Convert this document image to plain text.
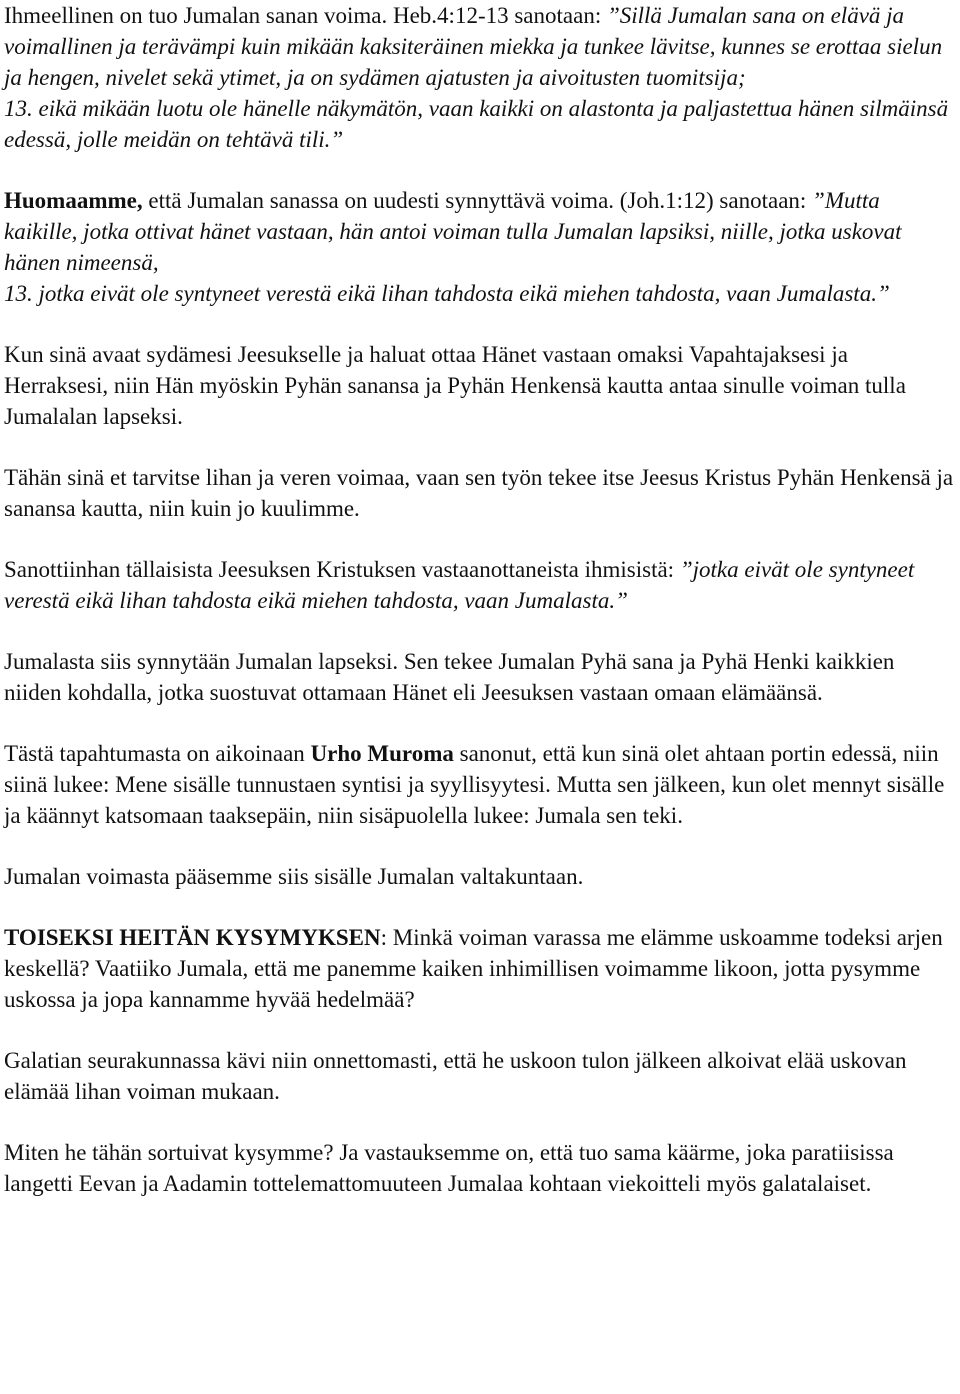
Ihmeellinen on tuo Jumalan sanan voima. Heb.4:12-13 sanotaan: ”Sillä Jumalan sana on elävä ja voimallinen ja terävämpi kuin mikään kaksiteräinen miekka ja tunkee lävitse, kunnes se erottaa sielun ja hengen, nivelet sekä ytimet, ja on sydämen ajatusten ja aivoitusten tuomitsija;

13. eikä mikään luotu ole hänelle näkymätön, vaan kaikki on alastonta ja paljastettua hänen silmäinsä edessä, jolle meidän on tehtävä tili.”

Huomaamme, että Jumalan sanassa on uudesti synnyttävä voima. (Joh.1:12) sanotaan: ”Mutta kaikille, jotka ottivat hänet vastaan, hän antoi voiman tulla Jumalan lapsiksi, niille, jotka uskovat hänen nimeensä,

13. jotka eivät ole syntyneet verestä eikä lihan tahdosta eikä miehen tahdosta, vaan Jumalasta.”

Kun sinä avaat sydämesi Jeesukselle ja haluat ottaa Hänet vastaan omaksi Vapahtajaksesi ja Herraksesi, niin Hän myöskin Pyhän sanansa ja Pyhän Henkensä kautta antaa sinulle voiman tulla Jumalalan lapseksi.

Tähän sinä et tarvitse lihan ja veren voimaa, vaan sen työn tekee itse Jeesus Kristus Pyhän Henkensä ja sanansa kautta, niin kuin jo kuulimme.

Sanottiinhan tällaisista Jeesuksen Kristuksen vastaanottaneista ihmisistä: ”jotka eivät ole syntyneet verestä eikä lihan tahdosta eikä miehen tahdosta, vaan Jumalasta.”

Jumalasta siis synnytään Jumalan lapseksi. Sen tekee Jumalan Pyhä sana ja Pyhä Henki kaikkien niiden kohdalla, jotka suostuvat ottamaan Hänet eli Jeesuksen vastaan omaan elämäänsä.

Tästä tapahtumasta on aikoinaan Urho Muroma sanonut, että kun sinä olet ahtaan portin edessä, niin siinä lukee: Mene sisälle tunnustaen syntisi ja syyllisyytesi. Mutta sen jälkeen, kun olet mennyt sisälle ja käännyt katsomaan taaksepäin, niin sisäpuolella lukee: Jumala sen teki.

Jumalan voimasta pääsemme siis sisälle Jumalan valtakuntaan.

TOISEKSI HEITÄN KYSYMYKSEN: Minkä voiman varassa me elämme uskoamme todeksi arjen keskellä? Vaatiiko Jumala, että me panemme kaiken inhimillisen voimamme likoon, jotta pysymme uskossa ja jopa kannamme hyvää hedelmää?

Galatian seurakunnassa kävi niin onnettomasti, että he uskoon tulon jälkeen alkoivat elää uskovan elämää lihan voiman mukaan.

Miten he tähän sortuivat kysymme? Ja vastauksemme on, että tuo sama käärme, joka paratiisissa langetti Eevan ja Aadamin tottelemattomuuteen Jumalaa kohtaan viekoitteli myös galatalaiset.
